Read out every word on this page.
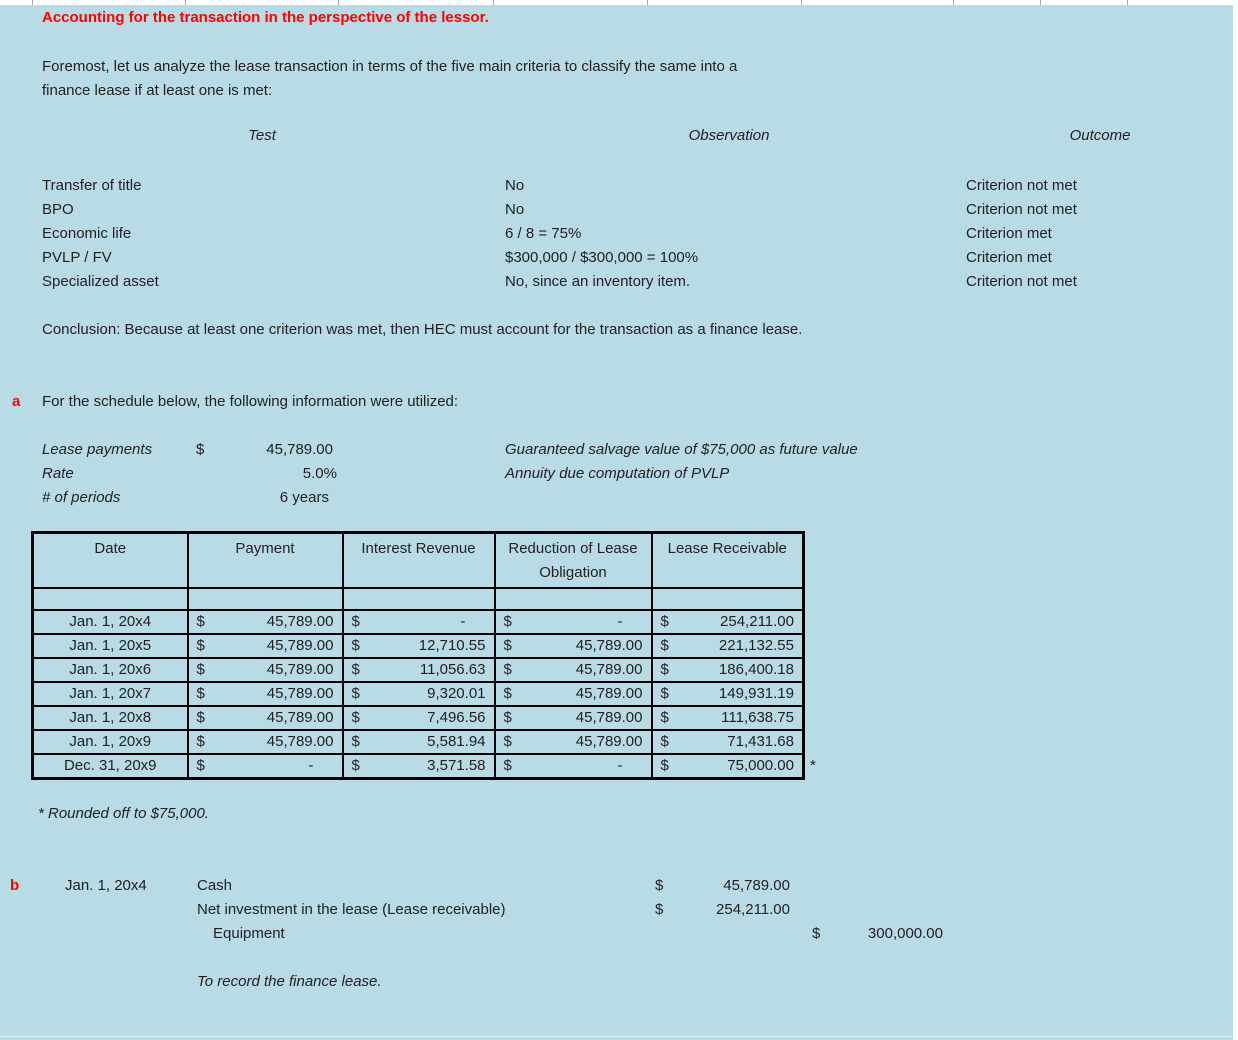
Accounting for the transaction in the perspective of the lessor.
Foremost, let us analyze the lease transaction in terms of the five main criteria to classify the same into a
finance lease if at least one is met:
Test	Observation	Outcome
Transfer of title	No	Criterion not met
BPO	No	Criterion not met
Economic life	6 / 8 = 75%	Criterion met
PVLP / FV	$300,000 / $300,000 = 100%	Criterion met
Specialized asset	No, since an inventory item.	Criterion not met
Conclusion: Because at least one criterion was met, then HEC must account for the transaction as a finance lease.
a For the schedule below, the following information were utilized:
Lease payments	$	45,789.00	Guaranteed salvage value of $75,000 as future value
Rate	5.0%	Annuity due computation of PVLP
# of periods	6 years
Date	Payment	Interest Revenue	Reduction of Lease
Obligation	Lease Receivable

Jan. 1, 20x4	$ 45,789.00	$ -	$ -	$ 254,211.00

Jan. 1, 20x5	$ 45,789.00	$ 12,710.55	$ 45,789.00	$ 221,132.55

Jan. 1, 20x6	$ 45,789.00	$ 11,056.63	$ 45,789.00	$ 186,400.18

Jan. 1, 20x7	$ 45,789.00	$ 9,320.01	$ 45,789.00	$ 149,931.19

Jan. 1, 20x8	$ 45,789.00	$ 7,496.56	$ 45,789.00	$ 111,638.75

Jan. 1, 20x9	$ 45,789.00	$ 5,581.94	$ 45,789.00	$ 71,431.68

Dec. 31, 20x9	$ -	$ 3,571.58	$ -	$ 75,000.00	*
* Rounded off to $75,000.
b	Jan. 1, 20x4	Cash	$	45,789.00
Net investment in the lease (Lease receivable)	$	254,211.00
Equipment	$	300,000.00
To record the finance lease.
